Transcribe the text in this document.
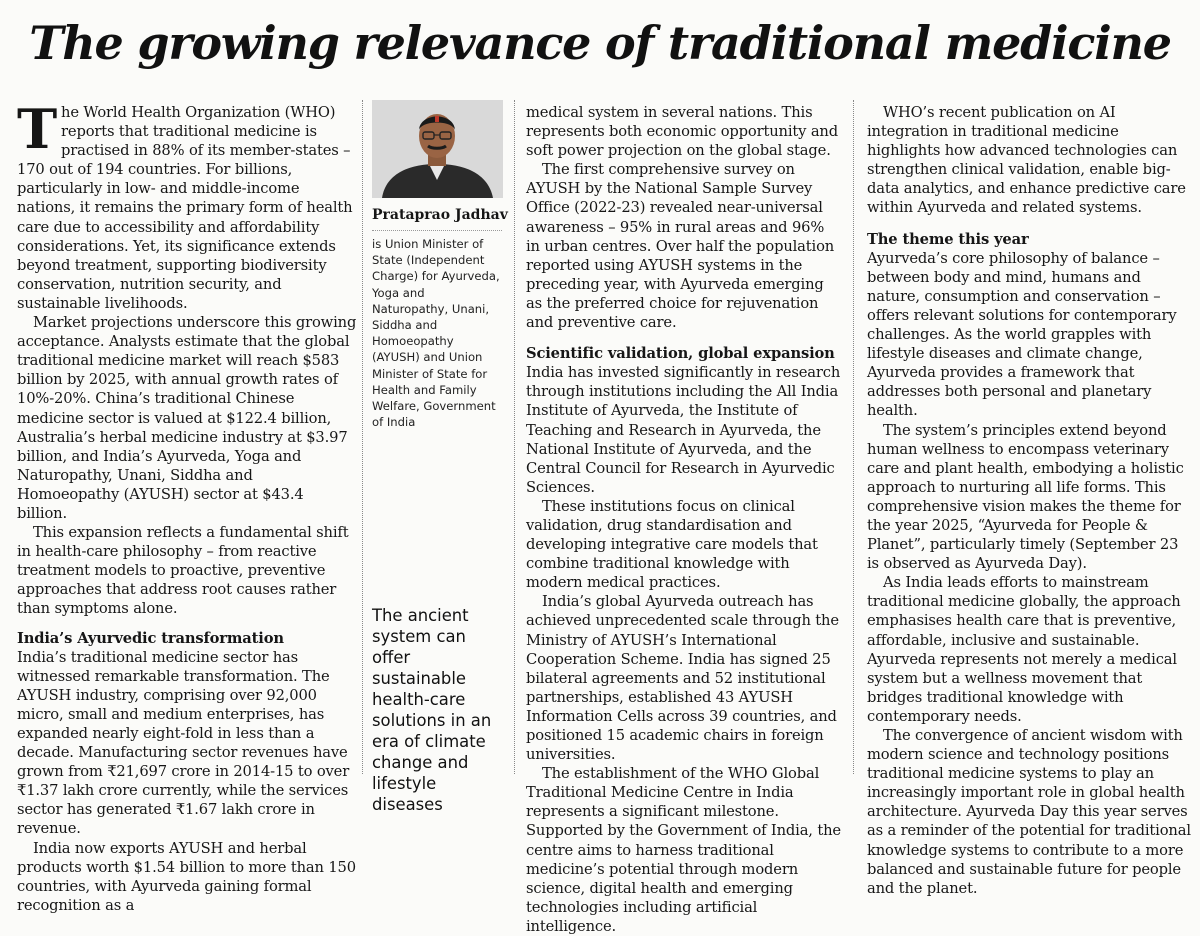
The growing relevance of traditional medicine

The World Health Organization (WHO) reports that traditional medicine is practised in 88% of its member-states – 170 out of 194 countries. For billions, particularly in low- and middle-income nations, it remains the primary form of health care due to accessibility and affordability considerations. Yet, its significance extends beyond treatment, supporting biodiversity conservation, nutrition security, and sustainable livelihoods.

Market projections underscore this growing acceptance. Analysts estimate that the global traditional medicine market will reach $583 billion by 2025, with annual growth rates of 10%-20%. China’s traditional Chinese medicine sector is valued at $122.4 billion, Australia’s herbal medicine industry at $3.97 billion, and India’s Ayurveda, Yoga and Naturopathy, Unani, Siddha and Homoeopathy (AYUSH) sector at $43.4 billion.

This expansion reflects a fundamental shift in health-care philosophy – from reactive treatment models to proactive, preventive approaches that address root causes rather than symptoms alone.

India’s Ayurvedic transformation

India’s traditional medicine sector has witnessed remarkable transformation. The AYUSH industry, comprising over 92,000 micro, small and medium enterprises, has expanded nearly eight-fold in less than a decade. Manufacturing sector revenues have grown from ₹21,697 crore in 2014-15 to over ₹1.37 lakh crore currently, while the services sector has generated ₹1.67 lakh crore in revenue.

India now exports AYUSH and herbal products worth $1.54 billion to more than 150 countries, with Ayurveda gaining formal recognition as a

Prataprao Jadhav
is Union Minister of State (Independent Charge) for Ayurveda, Yoga and Naturopathy, Unani, Siddha and Homoeopathy (AYUSH) and Union Minister of State for Health and Family Welfare, Government of India
The ancient system can offer sustainable health-care solutions in an era of climate change and lifestyle diseases

medical system in several nations. This represents both economic opportunity and soft power projection on the global stage.

The first comprehensive survey on AYUSH by the National Sample Survey Office (2022-23) revealed near-universal awareness – 95% in rural areas and 96% in urban centres. Over half the population reported using AYUSH systems in the preceding year, with Ayurveda emerging as the preferred choice for rejuvenation and preventive care.

Scientific validation, global expansion

India has invested significantly in research through institutions including the All India Institute of Ayurveda, the Institute of Teaching and Research in Ayurveda, the National Institute of Ayurveda, and the Central Council for Research in Ayurvedic Sciences.

These institutions focus on clinical validation, drug standardisation and developing integrative care models that combine traditional knowledge with modern medical practices.

India’s global Ayurveda outreach has achieved unprecedented scale through the Ministry of AYUSH’s International Cooperation Scheme. India has signed 25 bilateral agreements and 52 institutional partnerships, established 43 AYUSH Information Cells across 39 countries, and positioned 15 academic chairs in foreign universities.

The establishment of the WHO Global Traditional Medicine Centre in India represents a significant milestone. Supported by the Government of India, the centre aims to harness traditional medicine’s potential through modern science, digital health and emerging technologies including artificial intelligence.

WHO’s recent publication on AI integration in traditional medicine highlights how advanced technologies can strengthen clinical validation, enable big-data analytics, and enhance predictive care within Ayurveda and related systems.

The theme this year

Ayurveda’s core philosophy of balance – between body and mind, humans and nature, consumption and conservation – offers relevant solutions for contemporary challenges. As the world grapples with lifestyle diseases and climate change, Ayurveda provides a framework that addresses both personal and planetary health.

The system’s principles extend beyond human wellness to encompass veterinary care and plant health, embodying a holistic approach to nurturing all life forms. This comprehensive vision makes the theme for the year 2025, “Ayurveda for People & Planet”, particularly timely (September 23 is observed as Ayurveda Day).

As India leads efforts to mainstream traditional medicine globally, the approach emphasises health care that is preventive, affordable, inclusive and sustainable. Ayurveda represents not merely a medical system but a wellness movement that bridges traditional knowledge with contemporary needs.

The convergence of ancient wisdom with modern science and technology positions traditional medicine systems to play an increasingly important role in global health architecture. Ayurveda Day this year serves as a reminder of the potential for traditional knowledge systems to contribute to a more balanced and sustainable future for people and the planet.
